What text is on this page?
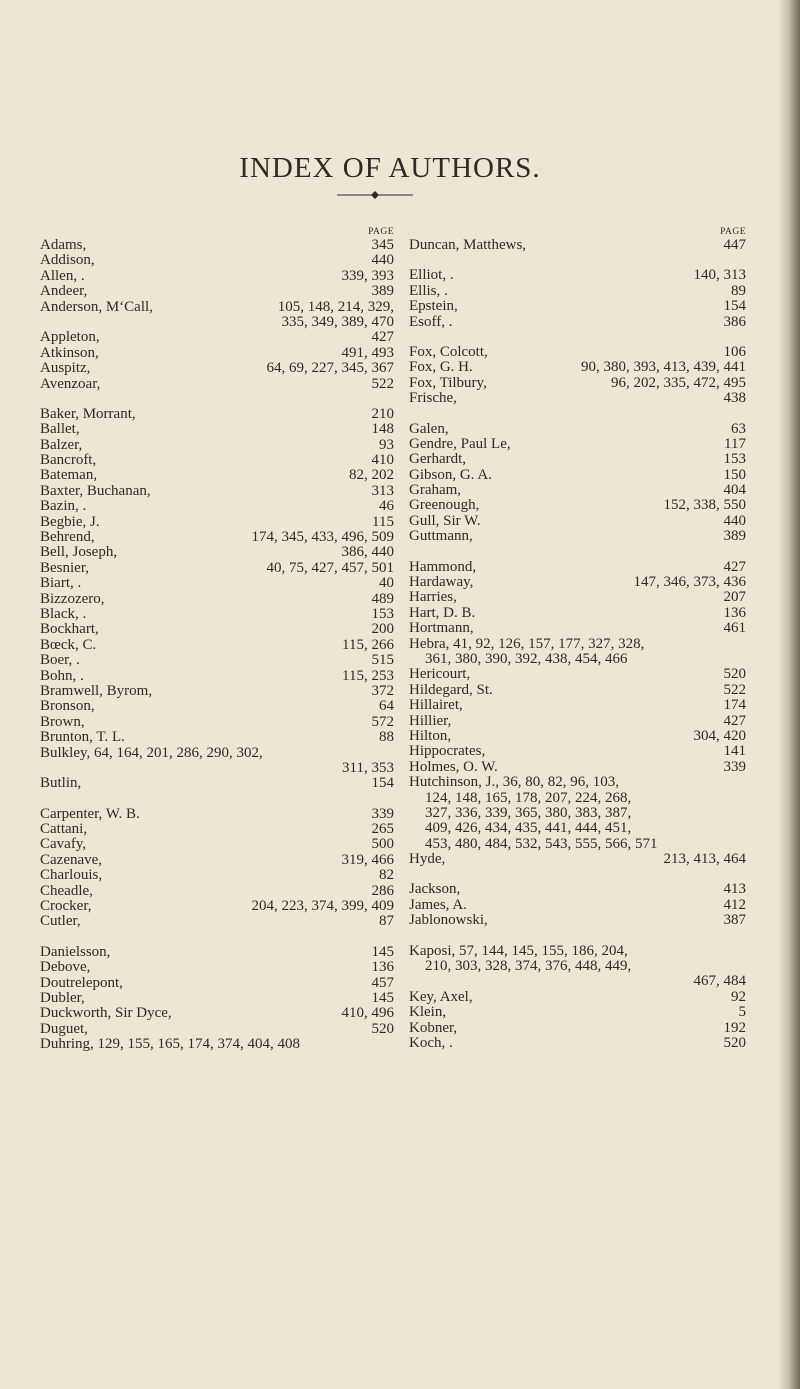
INDEX OF AUTHORS.
PAGE
Adams,	345
Addison,	440
Allen, .	339, 393
Andeer,	389
Anderson, M‘Call,	105, 148, 214, 329,
335, 349, 389, 470
Appleton,	427
Atkinson,	491, 493
Auspitz,	64, 69, 227, 345, 367
Avenzoar,	522
Baker, Morrant,	210
Ballet,	148
Balzer,	93
Bancroft,	410
Bateman,	82, 202
Baxter, Buchanan,	313
Bazin, .	46
Begbie, J.	115
Behrend,	174, 345, 433, 496, 509
Bell, Joseph,	386, 440
Besnier,	40, 75, 427, 457, 501
Biart, .	40
Bizzozero,	489
Black, .	153
Bockhart,	200
Bœck, C.	115, 266
Boer, .	515
Bohn, .	115, 253
Bramwell, Byrom,	372
Bronson,	64
Brown,	572
Brunton, T. L.	88
Bulkley, 64, 164, 201, 286, 290, 302,
311, 353
Butlin,	154
Carpenter, W. B.	339
Cattani,	265
Cavafy,	500
Cazenave,	319, 466
Charlouis,	82
Cheadle,	286
Crocker,	204, 223, 374, 399, 409
Cutler,	87
Danielsson,	145
Debove,	136
Doutrelepont,	457
Dubler,	145
Duckworth, Sir Dyce,	410, 496
Duguet,	520
Duhring, 129, 155, 165, 174, 374, 404, 408
PAGE
Duncan, Matthews,	447
Elliot, .	140, 313
Ellis, .	89
Epstein,	154
Esoff, .	386
Fox, Colcott,	106
Fox, G. H.	90, 380, 393, 413, 439, 441
Fox, Tilbury,	96, 202, 335, 472, 495
Frische,	438
Galen,	63
Gendre, Paul Le,	117
Gerhardt,	153
Gibson, G. A.	150
Graham,	404
Greenough,	152, 338, 550
Gull, Sir W.	440
Guttmann,	389
Hammond,	427
Hardaway,	147, 346, 373, 436
Harries,	207
Hart, D. B.	136
Hortmann,	461
Hebra, 41, 92, 126, 157, 177, 327, 328,
361, 380, 390, 392, 438, 454, 466
Hericourt,	520
Hildegard, St.	522
Hillairet,	174
Hillier,	427
Hilton,	304, 420
Hippocrates,	141
Holmes, O. W.	339
Hutchinson, J., 36, 80, 82, 96, 103,
124, 148, 165, 178, 207, 224, 268,
327, 336, 339, 365, 380, 383, 387,
409, 426, 434, 435, 441, 444, 451,
453, 480, 484, 532, 543, 555, 566, 571
Hyde,	213, 413, 464
Jackson,	413
James, A.	412
Jablonowski,	387
Kaposi, 57, 144, 145, 155, 186, 204,
210, 303, 328, 374, 376, 448, 449,
467, 484
Key, Axel,	92
Klein,	5
Kobner,	192
Koch, .	520
